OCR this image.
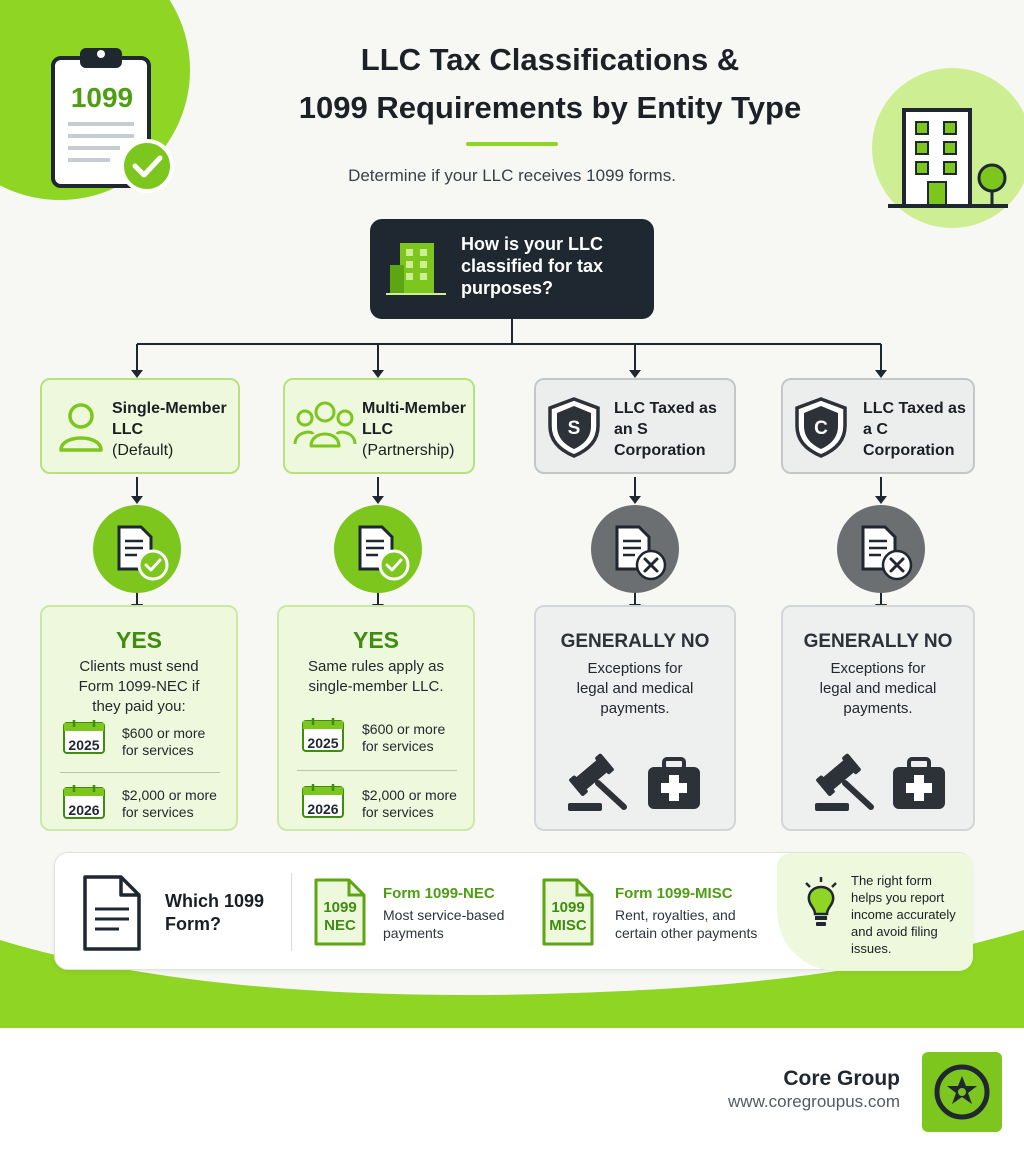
1099
LLC Tax Classifications &
1099 Requirements by Entity Type
Determine if your LLC receives 1099 forms.
How is your LLC
classified for tax
purposes?
Single-Member
LLC
(Default)
Multi-Member
LLC
(Partnership)
S
LLC Taxed as
an S
Corporation
C
LLC Taxed as
a C
Corporation
YES
Clients must send
Form 1099-NEC if
they paid you:
2025
$600 or more
for services
2026
$2,000 or more
for services
YES
Same rules apply as
single-member LLC.
2025
$600 or more
for services
2026
$2,000 or more
for services
GENERALLY NO
Exceptions for
legal and medical
payments.
GENERALLY NO
Exceptions for
legal and medical
payments.
Which 1099
Form?
1099
NEC
Form 1099-NEC
Most service-based
payments
1099
MISC
Form 1099-MISC
Rent, royalties, and
certain other payments
The right form
helps you report
income accurately
and avoid filing
issues.
Core Group
www.coregroupus.com
